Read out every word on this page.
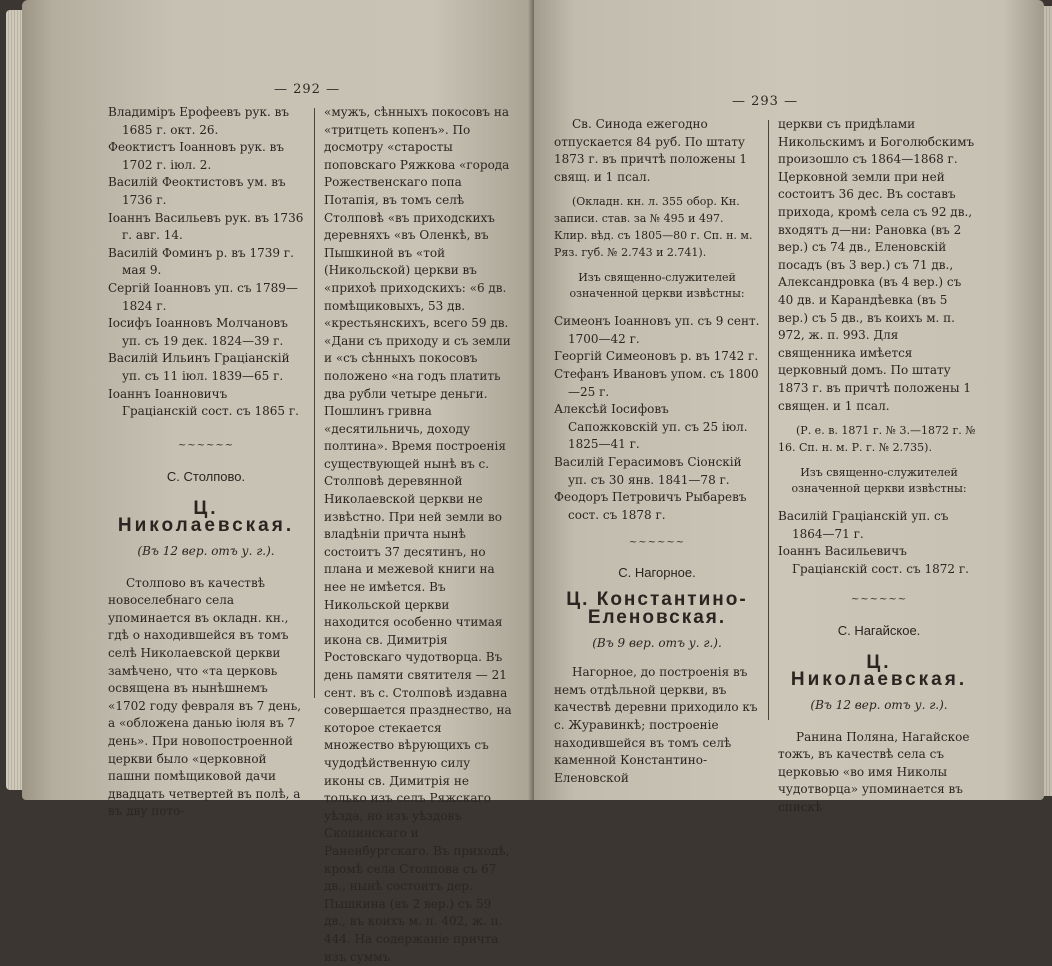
— 292 —

Владиміръ Ерофеевъ рук. въ 1685 г. окт. 26.

Феоктистъ Іоанновъ рук. въ 1702 г. іюл. 2.

Василій Феоктистовъ ум. въ 1736 г.

Іоаннъ Васильевъ рук. въ 1736 г. авг. 14.

Василій Фоминъ р. въ 1739 г. мая 9.

Сергій Іоанновъ уп. съ 1789—1824 г.

Іосифъ Іоанновъ Молчановъ уп. съ 19 дек. 1824—39 г.

Василій Ильинъ Граціанскій уп. съ 11 іюл. 1839—65 г.

Іоаннъ Іоанновичъ Граціанскій сост. съ 1865 г.

~~~~~~

С. Столпово.

Ц. Николаевская.

(Въ 12 вер. отъ у. г.).

Столпово въ качествѣ новоселебнаго села упоминается въ окладн. кн., гдѣ о находившейся въ томъ селѣ Николаевской церкви замѣчено, что «та церковь освящена въ нынѣшнемъ «1702 году февраля въ 7 день, а «обложена данью іюля въ 7 день». При новопостроенной церкви было «церковной пашни помѣщиковой дачи двадцать четвертей въ полѣ, а въ дву пото-

«мужъ, сѣнныхъ покосовъ на «тритцеть копенъ». По досмотру «старосты поповскаго Ряжкова «города Рожественскаго попа Потапія, въ томъ селѣ Столповѣ «въ приходскихъ деревняхъ «въ Оленкѣ, въ Пышкиной въ «той (Никольской) церкви въ «прихоѣ приходскихъ: «6 дв. помѣщиковыхъ, 53 дв. «крестьянскихъ, всего 59 дв. «Дани съ приходу и съ земли и «съ сѣнныхъ покосовъ положено «на годъ платить два рубли четыре деньги. Пошлинъ гривна «десятильничь, доходу полтина». Время построенія существующей нынѣ въ с. Столповѣ деревянной Николаевской церкви не извѣстно. При ней земли во владѣніи причта нынѣ состоитъ 37 десятинъ, но плана и межевой книги на нее не имѣется. Въ Никольской церкви находится особенно чтимая икона св. Димитрія Ростовскаго чудотворца. Въ день памяти святителя — 21 сент. въ с. Столповѣ издавна совершается празднество, на которое стекается множество вѣрующихъ съ чудодѣйственную силу иконы св. Димитрія не только изъ селъ Ряжскаго уѣзда, но изъ уѣздовъ Скопинскаго и Раненбургскаго. Въ приходѣ, кромѣ села Столпова съ 67 дв., нынѣ состоитъ дер. Пышкина (въ 2 вер.) съ 59 дв., въ коихъ м. п. 402, ж. п. 444. На содержаніе причта изъ суммъ

— 293 —

Св. Синода ежегодно отпускается 84 руб. По штату 1873 г. въ причтѣ положены 1 свящ. и 1 псал.

(Окладн. кн. л. 355 обор. Кн. записи. став. за № 495 и 497. Клир. вѣд. съ 1805—80 г. Сп. н. м. Ряз. губ. № 2.743 и 2.741).

Изъ священно-служителей означенной церкви извѣстны:

Симеонъ Іоанновъ уп. съ 9 сент. 1700—42 г.

Георгій Симеоновъ р. въ 1742 г.

Стефанъ Ивановъ упом. съ 1800—25 г.

Алексѣй Іосифовъ Сапожковскій уп. съ 25 іюл. 1825—41 г.

Василій Герасимовъ Сіонскій уп. съ 30 янв. 1841—78 г.

Феодоръ Петровичъ Рыбаревъ сост. съ 1878 г.

~~~~~~

С. Нагорное.

Ц. Константино-Еленовская.

(Въ 9 вер. отъ у. г.).

Нагорное, до построенія въ немъ отдѣльной церкви, въ качествѣ деревни приходило къ с. Журавинкѣ; построеніе находившейся въ томъ селѣ каменной Константино-Еленовской

церкви съ придѣлами Никольскимъ и Боголюбскимъ произошло съ 1864—1868 г. Церковной земли при ней состоитъ 36 дес. Въ составъ прихода, кромѣ села съ 92 дв., входятъ д—ни: Рановка (въ 2 вер.) съ 74 дв., Еленовскій посадъ (въ 3 вер.) съ 71 дв., Александровка (въ 4 вер.) съ 40 дв. и Карандѣевка (въ 5 вер.) съ 5 дв., въ коихъ м. п. 972, ж. п. 993. Для священника имѣется церковный домъ. По штату 1873 г. въ причтѣ положены 1 священ. и 1 псал.

(Р. е. в. 1871 г. № 3.—1872 г. № 16. Сп. н. м. Р. г. № 2.735).

Изъ священно-служителей означенной церкви извѣстны:

Василій Граціанскій уп. съ 1864—71 г.

Іоаннъ Васильевичъ Граціанскій сост. съ 1872 г.

~~~~~~

С. Нагайское.

Ц. Николаевская.

(Въ 12 вер. отъ у. г.).

Ранина Поляна, Нагайское тожъ, въ качествѣ села съ церковью «во имя Николы чудотворца» упоминается въ спискѣ
